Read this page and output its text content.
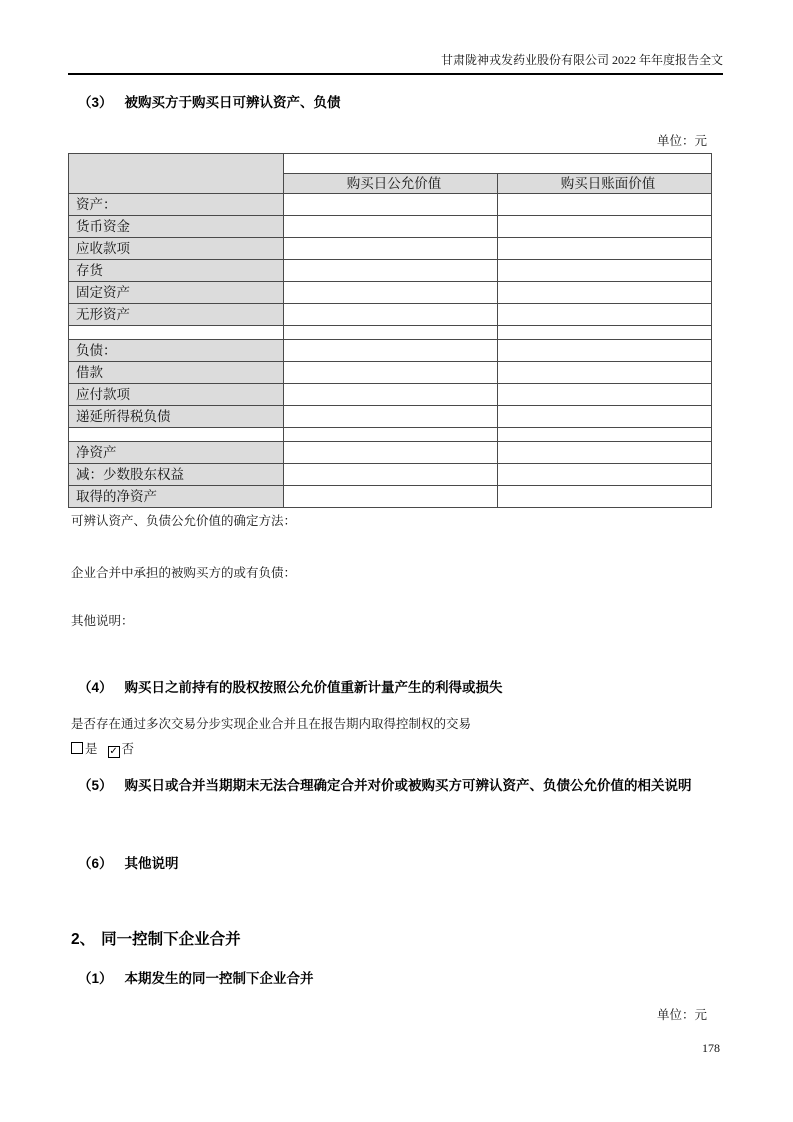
甘肃陇神戎发药业股份有限公司 2022 年年度报告全文
（3） 被购买方于购买日可辨认资产、负债
单位：元

	购买日公允价值	购买日账面价值
资产：		
货币资金		
应收款项		
存货		
固定资产		
无形资产		

负债：		
借款		
应付款项		
递延所得税负债		

净资产		
减：少数股东权益		
取得的净资产		
可辨认资产、负债公允价值的确定方法：
企业合并中承担的被购买方的或有负债：
其他说明：
（4） 购买日之前持有的股权按照公允价值重新计量产生的利得或损失
是否存在通过多次交易分步实现企业合并且在报告期内取得控制权的交易
是 ✓ 否
（5） 购买日或合并当期期末无法合理确定合并对价或被购买方可辨认资产、负债公允价值的相关说明
（6） 其他说明
2、 同一控制下企业合并
（1） 本期发生的同一控制下企业合并
单位：元
178
